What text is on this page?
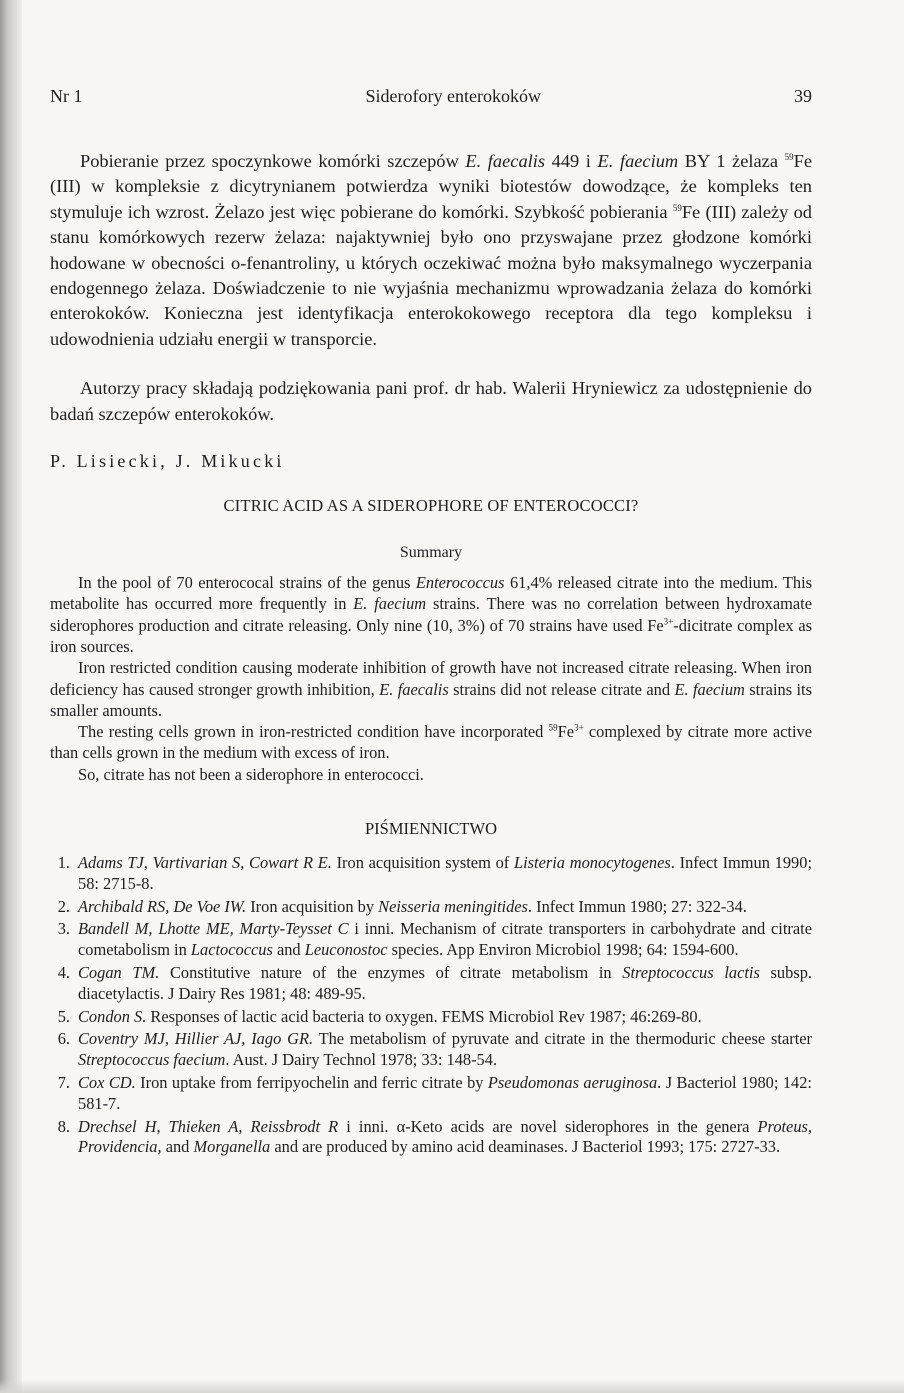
Nr 1	Siderofory enterokoków	39

Pobieranie przez spoczynkowe komórki szczepów E. faecalis 449 i E. faecium BY 1 żelaza $^{59}$Fe (III) w kompleksie z dicytrynianem potwierdza wyniki biotestów dowodzące, że kompleks ten stymuluje ich wzrost. Żelazo jest więc pobierane do komórki. Szybkość pobierania $^{59}$Fe (III) zależy od stanu komórkowych rezerw żelaza: najaktywniej było ono przyswajane przez głodzone komórki hodowane w obecności o-fenantroliny, u których oczekiwać można było maksymalnego wyczerpania endogennego żelaza. Doświadczenie to nie wyjaśnia mechanizmu wprowadzania żelaza do komórki enterokoków. Konieczna jest identyfikacja enterokokowego receptora dla tego kompleksu i udowodnienia udziału energii w transporcie.

Autorzy pracy składają podziękowania pani prof. dr hab. Walerii Hryniewicz za udostępnienie do badań szczepów enterokoków.

P. Lisiecki, J. Mikucki
CITRIC ACID AS A SIDEROPHORE OF ENTEROCOCCI?
Summary

In the pool of 70 enterococal strains of the genus Enterococcus 61,4% released citrate into the medium. This metabolite has occurred more frequently in E. faecium strains. There was no correlation between hydroxamate siderophores production and citrate releasing. Only nine (10, 3%) of 70 strains have used $Fe^{3+}$-dicitrate complex as iron sources.

Iron restricted condition causing moderate inhibition of growth have not increased citrate releasing. When iron deficiency has caused stronger growth inhibition, E. faecalis strains did not release citrate and E. faecium strains its smaller amounts.

The resting cells grown in iron-restricted condition have incorporated $^{59}Fe^{3+}$ complexed by citrate more active than cells grown in the medium with excess of iron.

So, citrate has not been a siderophore in enterococci.

PIŚMIENNICTWO
1. Adams TJ, Vartivarian S, Cowart R E. Iron acquisition system of Listeria monocytogenes. Infect Immun 1990; 58: 2715-8.
2. Archibald RS, De Voe IW. Iron acquisition by Neisseria meningitides. Infect Immun 1980; 27: 322-34.
3. Bandell M, Lhotte ME, Marty-Teysset C i inni. Mechanism of citrate transporters in carbohydrate and citrate cometabolism in Lactococcus and Leuconostoc species. App Environ Microbiol 1998; 64: 1594-600.
4. Cogan TM. Constitutive nature of the enzymes of citrate metabolism in Streptococcus lactis subsp. diacetylactis. J Dairy Res 1981; 48: 489-95.
5. Condon S. Responses of lactic acid bacteria to oxygen. FEMS Microbiol Rev 1987; 46:269-80.
6. Coventry MJ, Hillier AJ, Iago GR. The metabolism of pyruvate and citrate in the thermoduric cheese starter Streptococcus faecium. Aust. J Dairy Technol 1978; 33: 148-54.
7. Cox CD. Iron uptake from ferripyochelin and ferric citrate by Pseudomonas aeruginosa. J Bacteriol 1980; 142: 581-7.
8. Drechsel H, Thieken A, Reissbrodt R i inni. α-Keto acids are novel siderophores in the genera Proteus, Providencia, and Morganella and are produced by amino acid deaminases. J Bacteriol 1993; 175: 2727-33.
